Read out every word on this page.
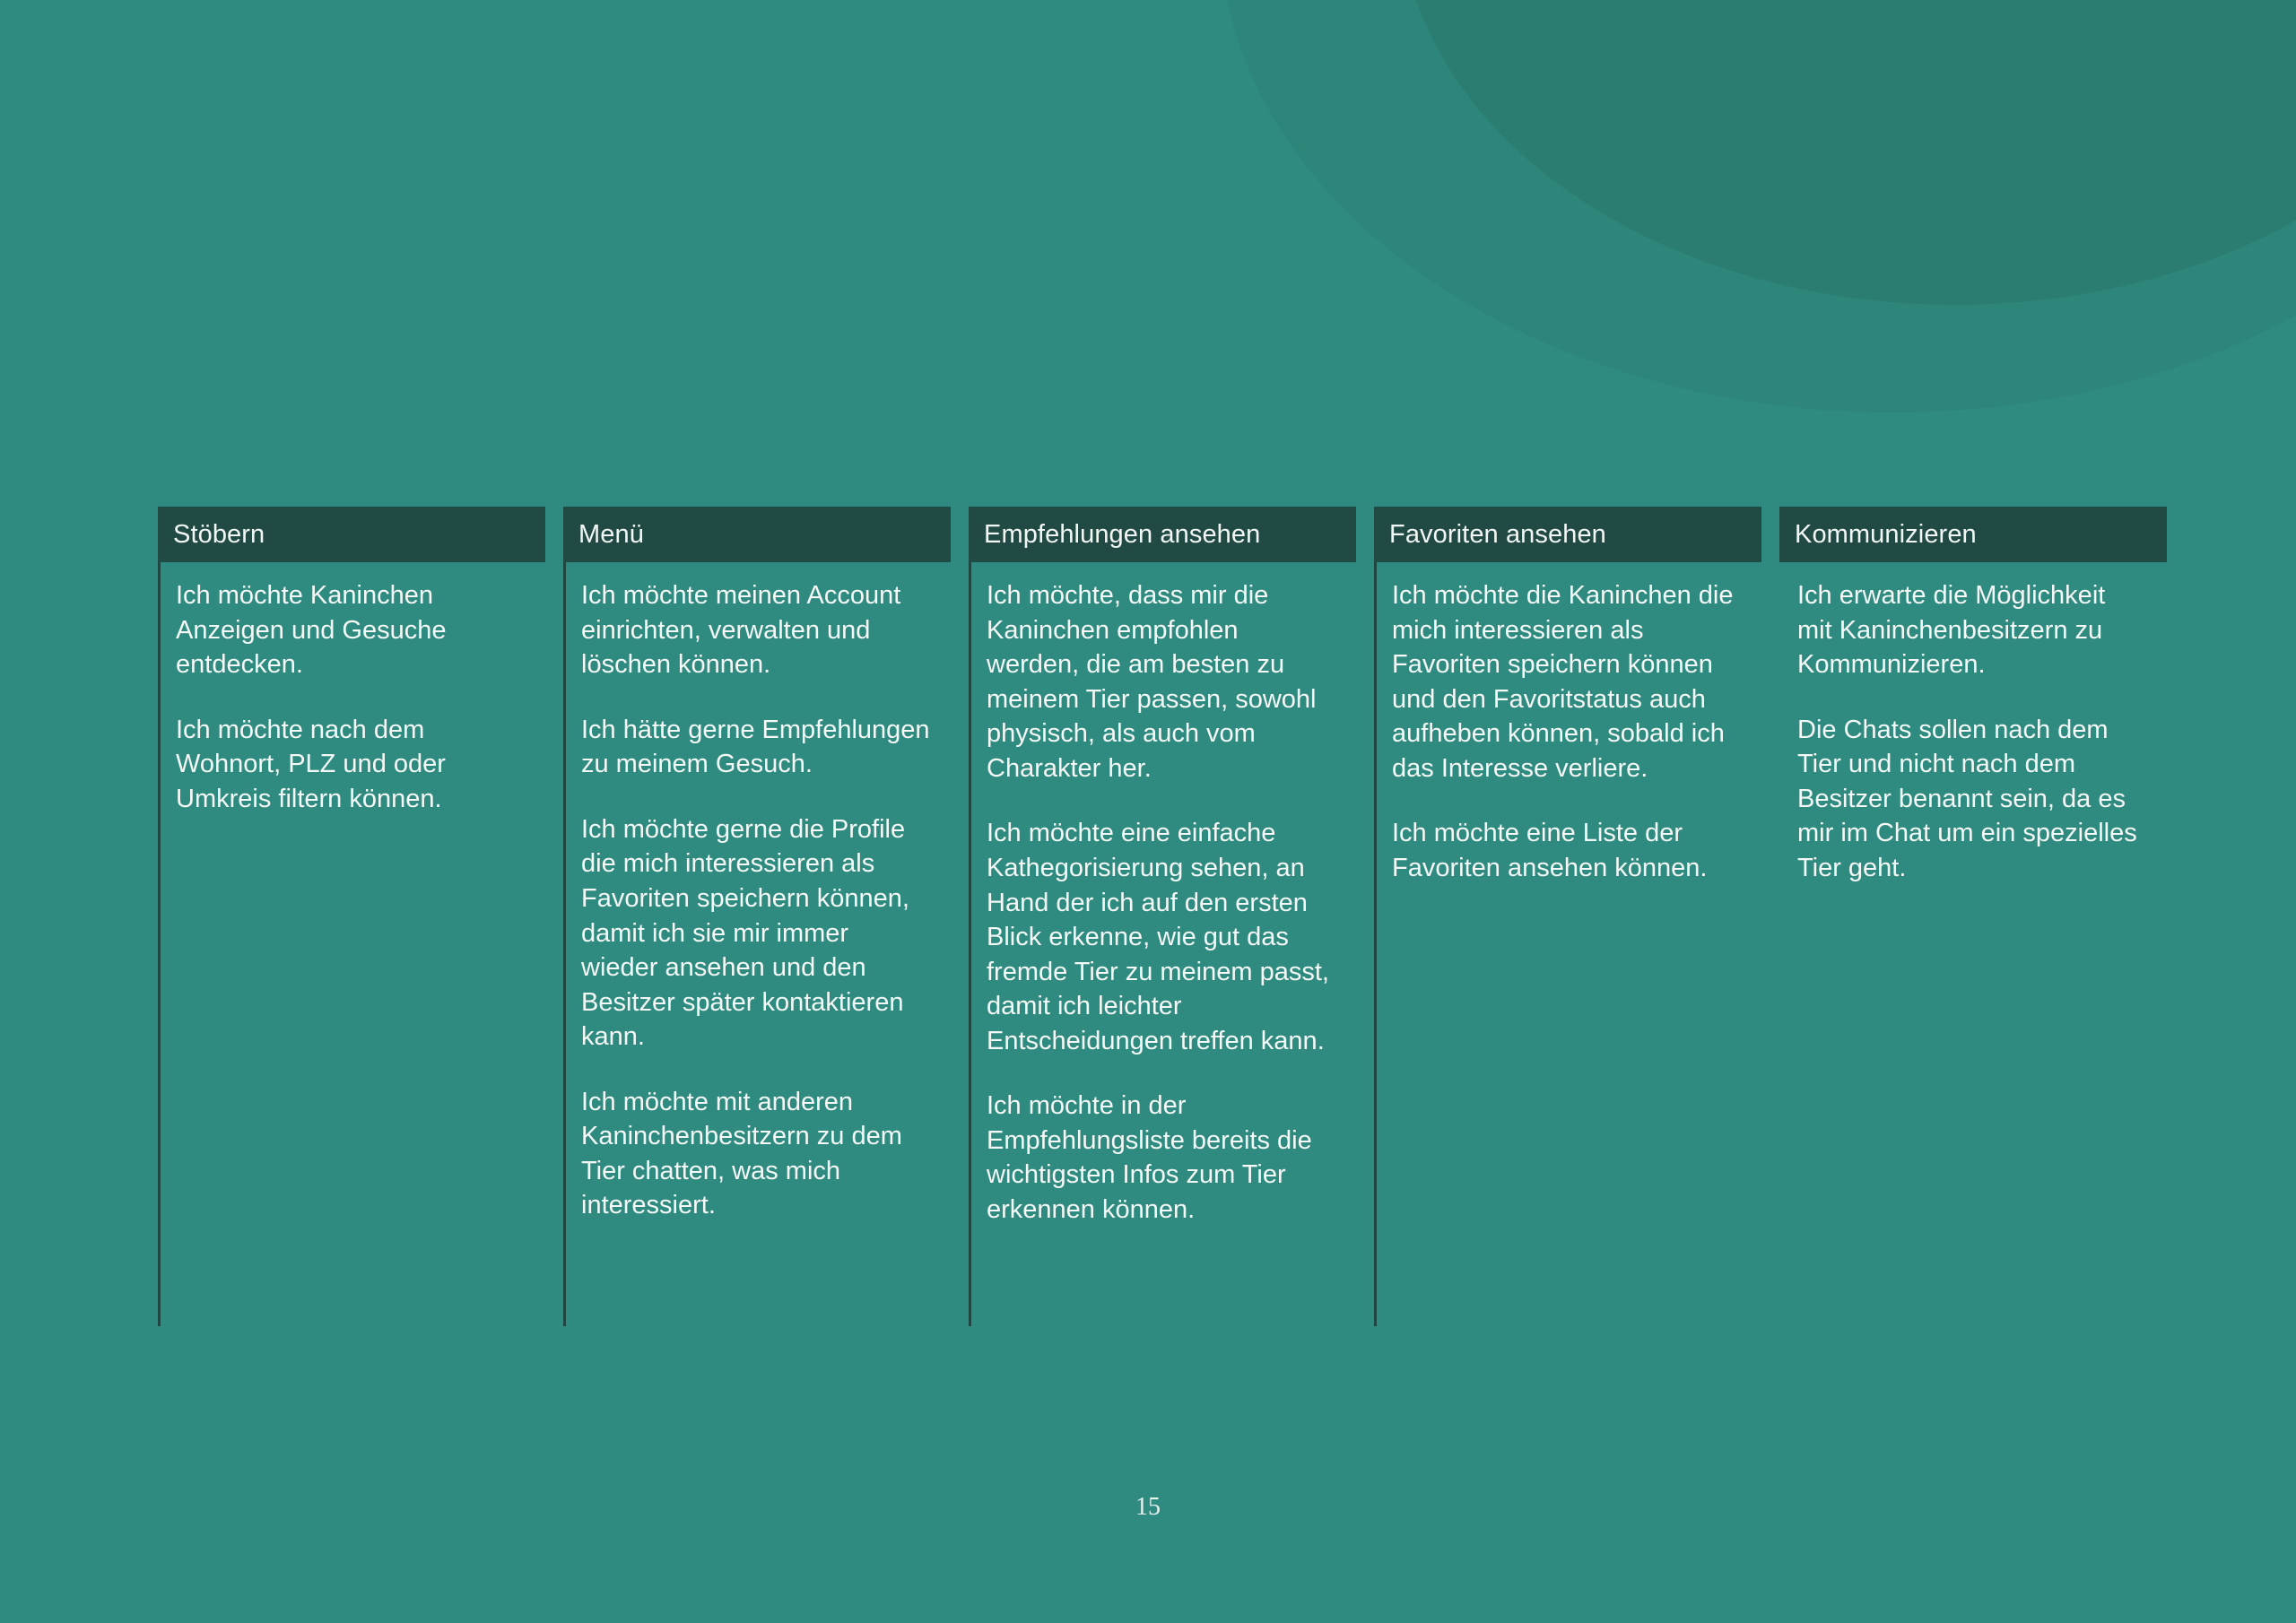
Stöbern

Ich möchte Kaninchen Anzeigen und Gesuche entdecken.

Ich möchte nach dem Wohnort, PLZ und oder Umkreis filtern können.

Menü

Ich möchte meinen Account einrichten, verwalten und löschen können.

Ich hätte gerne Empfehlungen zu meinem Gesuch.

Ich möchte gerne die Profile die mich interessieren als Favoriten speichern können, damit ich sie mir immer wieder ansehen und den Besitzer später kontaktieren kann.

Ich möchte mit anderen Kaninchenbesitzern zu dem Tier chatten, was mich interessiert.

Empfehlungen ansehen

Ich möchte, dass mir die Kaninchen empfohlen werden, die am besten zu meinem Tier passen, sowohl physisch, als auch vom Charakter her.

Ich möchte eine einfache Kathegorisierung sehen, an Hand der ich auf den ersten Blick erkenne, wie gut das fremde Tier zu meinem passt, damit ich leichter Entscheidungen treffen kann.

Ich möchte in der Empfehlungsliste bereits die wichtigsten Infos zum Tier erkennen können.

Favoriten ansehen

Ich möchte die Kaninchen die mich interessieren als Favoriten speichern können und den Favoritstatus auch aufheben können, sobald ich das Interesse verliere.

Ich möchte eine Liste der Favoriten ansehen können.

Kommunizieren

Ich erwarte die Möglichkeit mit Kaninchenbesitzern zu Kommunizieren.

Die Chats sollen nach dem Tier und nicht nach dem Besitzer benannt sein, da es mir im Chat um ein spezielles Tier geht.

15
